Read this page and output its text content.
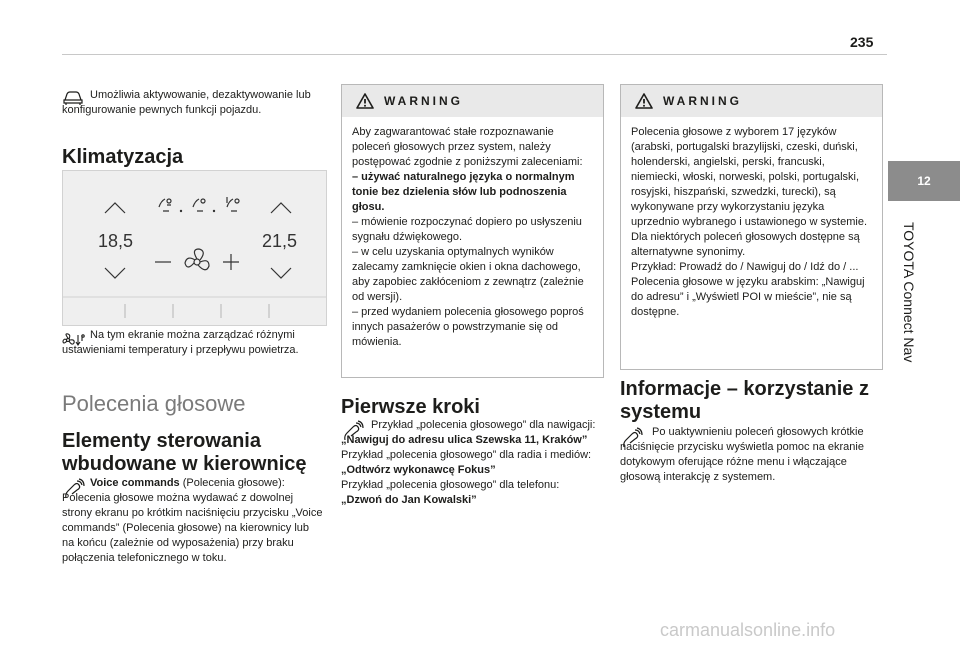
235
12
TOYOTA Connect Nav
Umożliwia aktywowanie, dezaktywowanie lub konfigurowanie pewnych funkcji pojazdu.
Klimatyzacja
18,5	21,5
Na tym ekranie można zarządzać różnymi ustawieniami temperatury i przepływu powietrza.
Polecenia głosowe
Elementy sterowania wbudowane w kierownicę
Voice commands (Polecenia głosowe): Polecenia głosowe można wydawać z dowolnej strony ekranu po krótkim naciśnięciu przycisku „Voice commands” (Polecenia głosowe) na kierownicy lub na końcu (zależnie od wyposażenia) przy braku połączenia telefonicznego w toku.
WARNING
Aby zagwarantować stałe rozpoznawanie poleceń głosowych przez system, należy postępować zgodnie z poniższymi zaleceniami:
– używać naturalnego języka o normalnym tonie bez dzielenia słów lub podnoszenia głosu.
– mówienie rozpoczynać dopiero po usłyszeniu sygnału dźwiękowego.
– w celu uzyskania optymalnych wyników zalecamy zamknięcie okien i okna dachowego, aby zapobiec zakłóceniom z zewnątrz (zależnie od wersji).
– przed wydaniem polecenia głosowego poproś innych pasażerów o powstrzymanie się od mówienia.
Pierwsze kroki
Przykład „polecenia głosowego” dla nawigacji:
„Nawiguj do adresu ulica Szewska 11, Kraków”
Przykład „polecenia głosowego” dla radia i mediów:
„Odtwórz wykonawcę Fokus”
Przykład „polecenia głosowego” dla telefonu:
„Dzwoń do Jan Kowalski”
WARNING
Polecenia głosowe z wyborem 17 języków (arabski, portugalski brazylijski, czeski, duński, holenderski, angielski, perski, francuski, niemiecki, włoski, norweski, polski, portugalski, rosyjski, hiszpański, szwedzki, turecki), są wykonywane przy wykorzystaniu języka uprzednio wybranego i ustawionego w systemie.
Dla niektórych poleceń głosowych dostępne są alternatywne synonimy.
Przykład: Prowadź do / Nawiguj do / Idź do / ...
Polecenia głosowe w języku arabskim: „Nawiguj do adresu” i „Wyświetl POI w mieście”, nie są dostępne.
Informacje – korzystanie z systemu
Po uaktywnieniu poleceń głosowych krótkie naciśnięcie przycisku wyświetla pomoc na ekranie dotykowym oferujące różne menu i włączające głosową interakcję z systemem.
carmanualsonline.info
